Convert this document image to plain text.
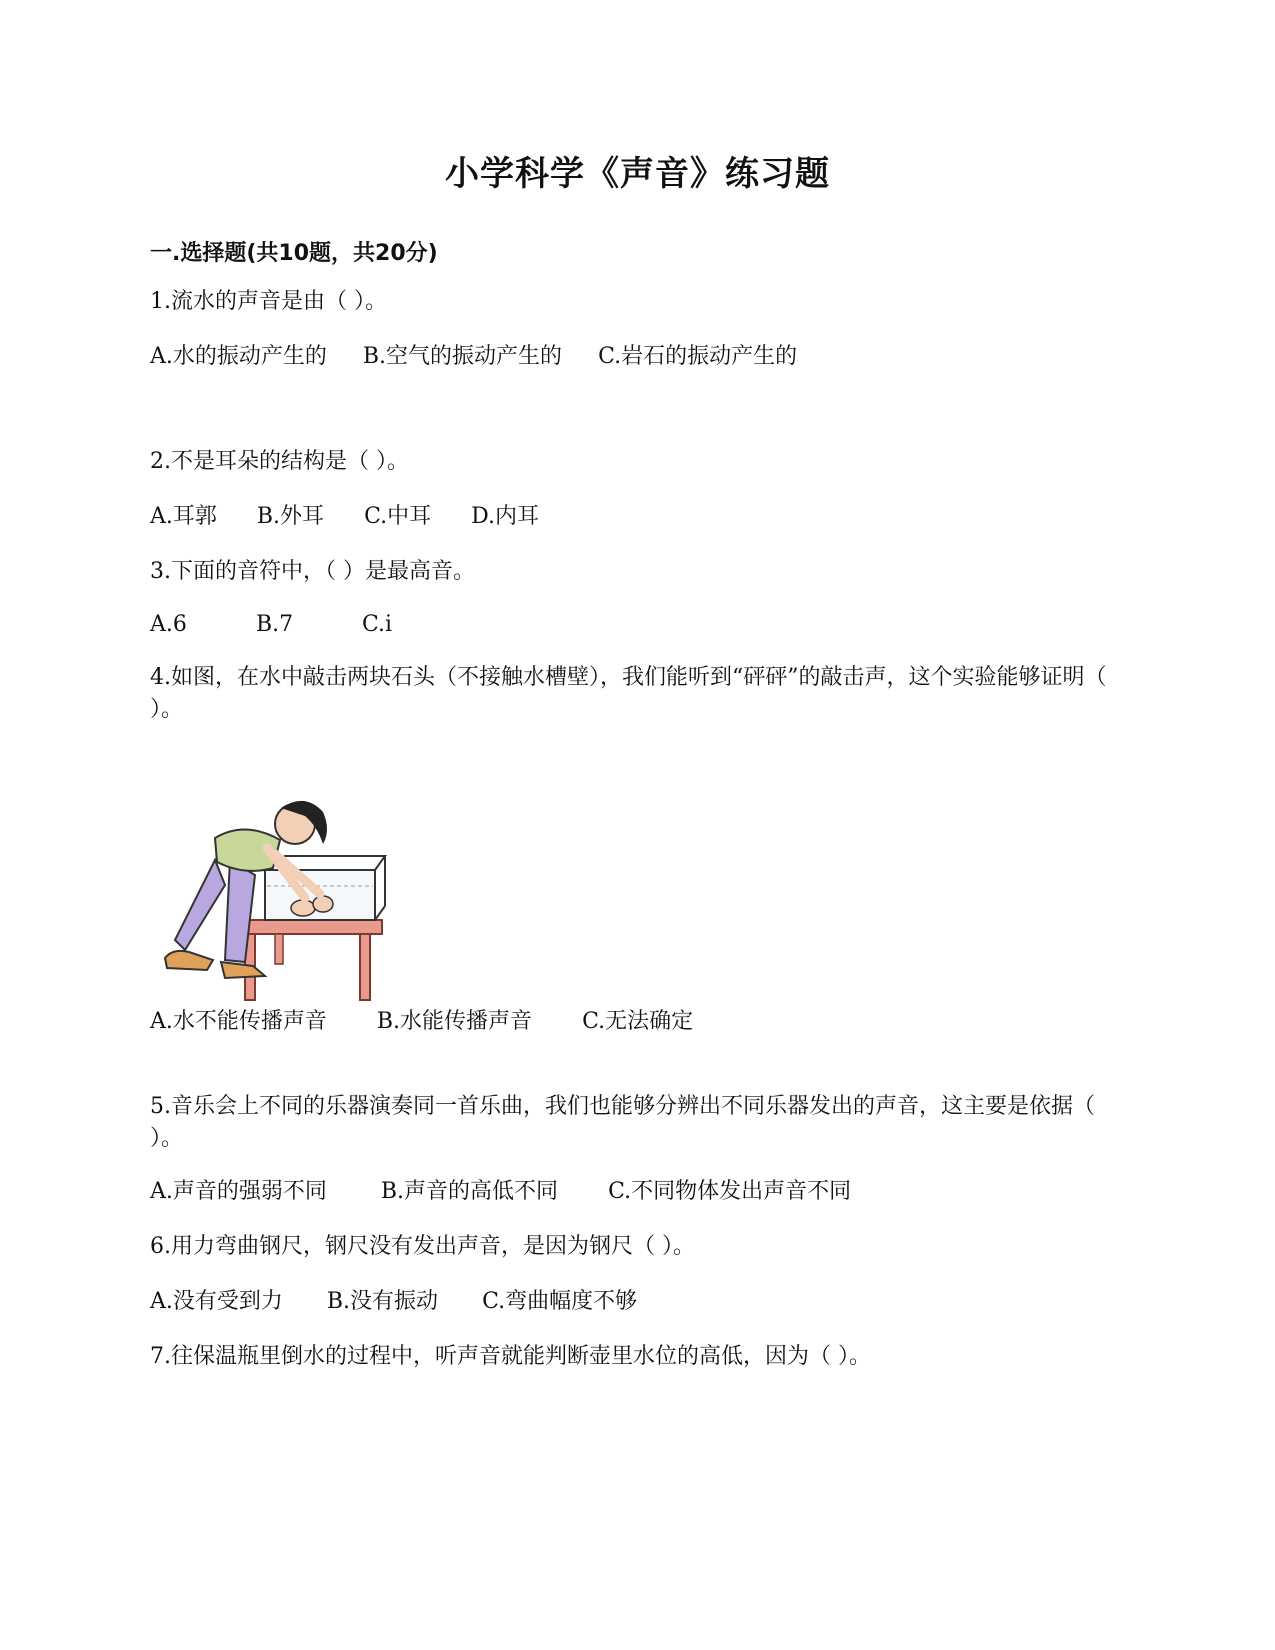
小学科学《声音》练习题
一.选择题(共10题，共20分)
1.流水的声音是由（ ）。
A.水的振动产生的 B.空气的振动产生的 C.岩石的振动产生的
2.不是耳朵的结构是（ ）。
A.耳郭 B.外耳 C.中耳 D.内耳
3.下面的音符中，（ ）是最高音。
A.6	B.7	C.i
4.如图，在水中敲击两块石头（不接触水槽壁），我们能听到“砰砰”的敲击声，这个实验能够证明（ ）。
A.水不能传播声音 B.水能传播声音 C.无法确定
5.音乐会上不同的乐器演奏同一首乐曲，我们也能够分辨出不同乐器发出的声音，这主要是依据（ ）。
A.声音的强弱不同 B.声音的高低不同 C.不同物体发出声音不同
6.用力弯曲钢尺，钢尺没有发出声音，是因为钢尺（ ）。
A.没有受到力 B.没有振动 C.弯曲幅度不够
7.往保温瓶里倒水的过程中，听声音就能判断壶里水位的高低，因为（ ）。
